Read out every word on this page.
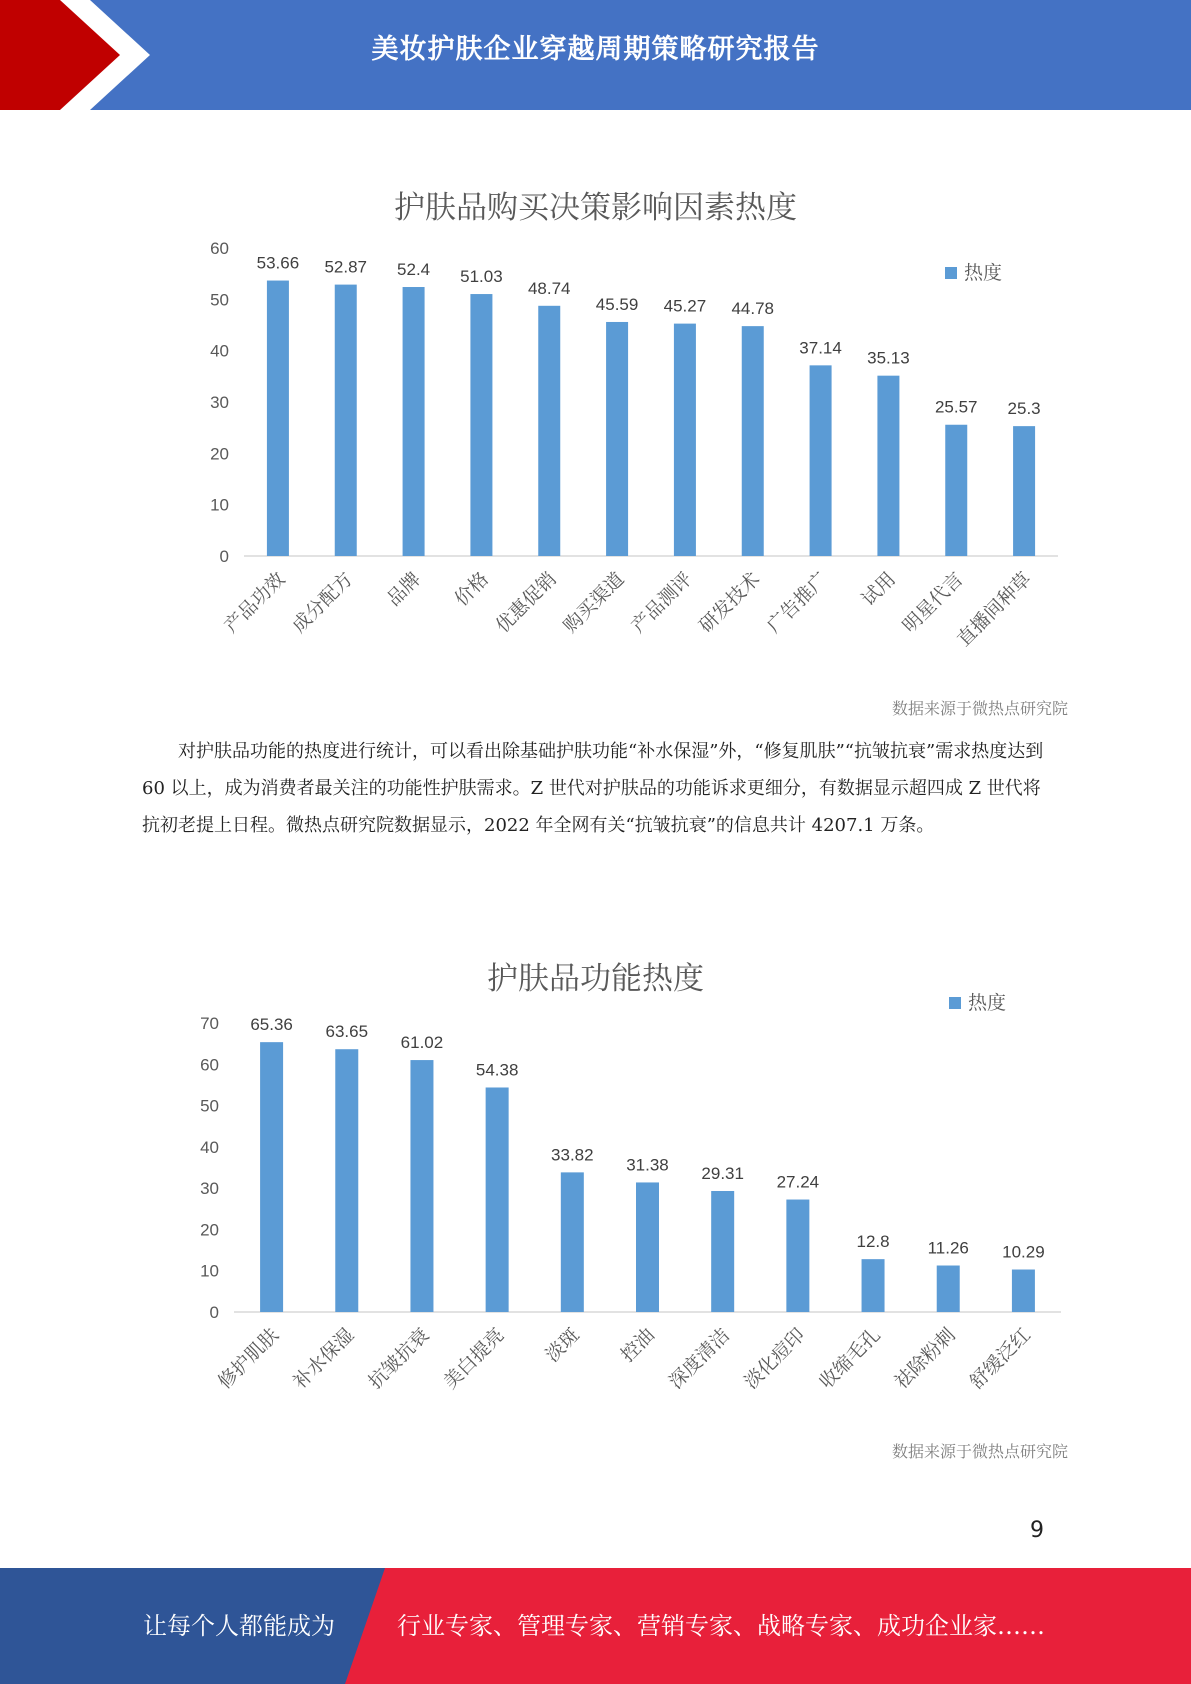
美妆护肤企业穿越周期策略研究报告
护肤品购买决策影响因素热度
0
10
20
30
40
50
60
53.66
产品功效
52.87
成分配方
52.4
品牌
51.03
价格
48.74
优惠促销
45.59
购买渠道
45.27
产品测评
44.78
研发技术
37.14
广告推广
35.13
试用
25.57
明星代言
25.3
直播间种草
热度
数据来源于微热点研究院

对护肤品功能的热度进行统计，可以看出除基础护肤功能“补水保湿”外，“修复肌肤”“抗皱抗衰”需求热度达到 60 以上，成为消费者最关注的功能性护肤需求。Z 世代对护肤品的功能诉求更细分，有数据显示超四成 Z 世代将抗初老提上日程。微热点研究院数据显示，2022 年全网有关“抗皱抗衰”的信息共计 4207.1 万条。

护肤品功能热度
0
10
20
30
40
50
60
70 65.36
修护肌肤
63.65
补水保湿
61.02
抗皱抗衰
54.38
美白提亮
33.82
淡斑
31.38
控油
29.31
深度清洁
27.24
淡化痘印
12.8
收缩毛孔
11.26
祛除粉刺
10.29
舒缓泛红
热度
数据来源于微热点研究院
9
让每个人都能成为	行业专家、管理专家、营销专家、战略专家、成功企业家……
